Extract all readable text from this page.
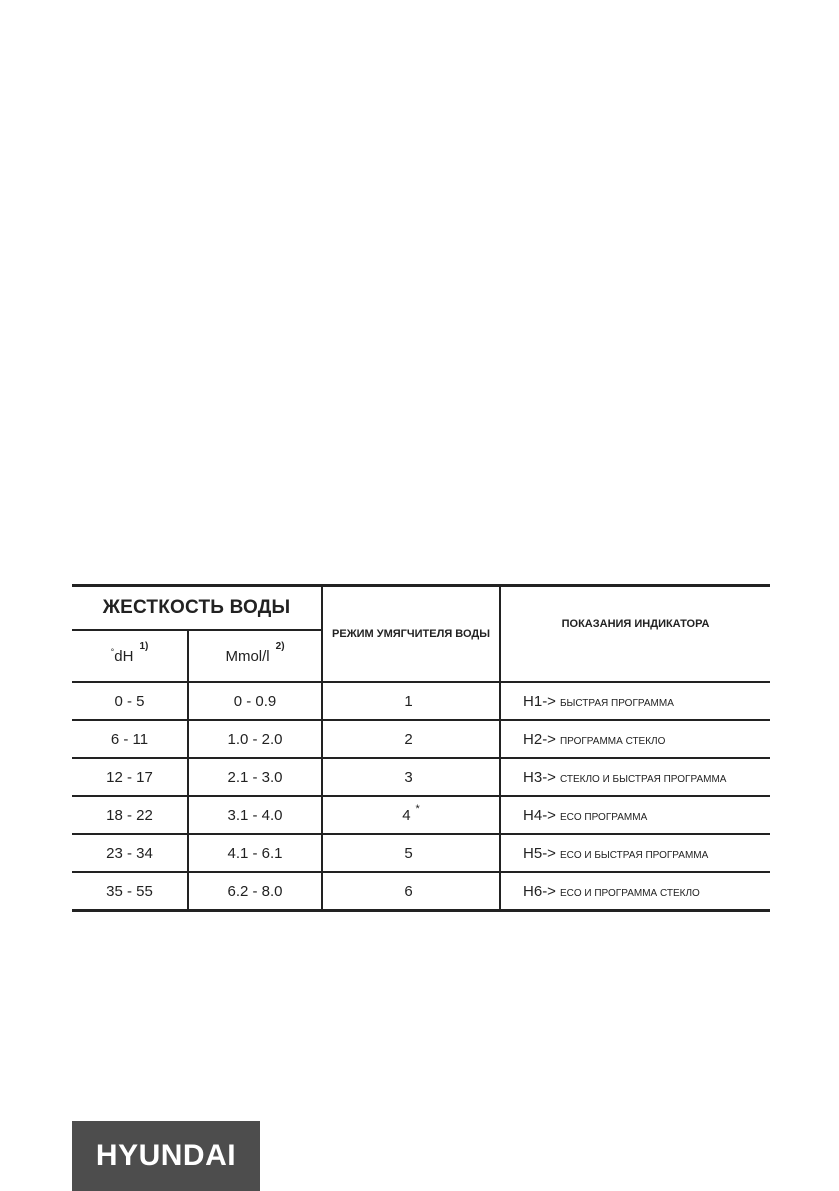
ЖЕСТКОСТЬ ВОДЫ		РЕЖИМ УМЯГЧИТЕЛЯ ВОДЫ	ПОКАЗАНИЯ ИНДИКАТОРА
$^\circ dH^{1)}$	Mmol/$l^{2)}$
0 - 5	0 - 0.9	1	H1-> БЫСТРАЯ ПРОГРАММА
6 - 11	1.0 - 2.0	2	H2-> ПРОГРАММА СТЕКЛО
12 - 17	2.1 - 3.0	3	H3-> СТЕКЛО И БЫСТРАЯ ПРОГРАММА
18 - 22	3.1 - 4.0	4 *	H4-> ECO ПРОГРАММА
23 - 34	4.1 - 6.1	5	H5-> ECO И БЫСТРАЯ ПРОГРАММА
35 - 55	6.2 - 8.0	6	H6-> ECO И ПРОГРАММА СТЕКЛО
HYUNDAI
